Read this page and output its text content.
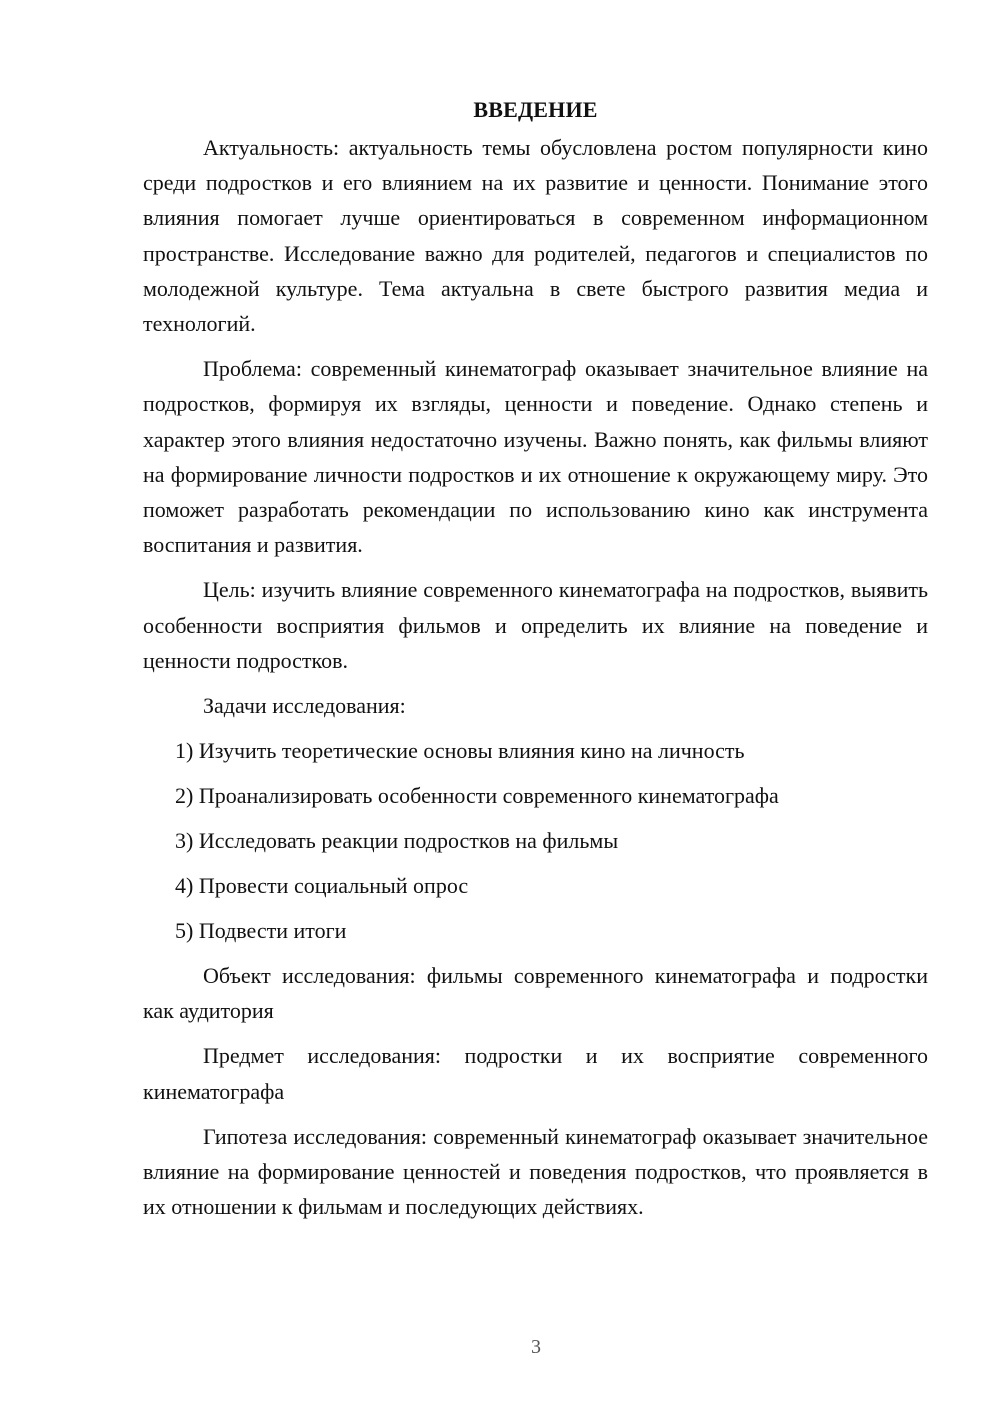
ВВЕДЕНИЕ

Актуальность: актуальность темы обусловлена ростом популярности кино среди подростков и его влиянием на их развитие и ценности. Понимание этого влияния помогает лучше ориентироваться в современном информационном пространстве. Исследование важно для родителей, педагогов и специалистов по молодежной культуре. Тема актуальна в свете быстрого развития медиа и технологий.

Проблема: современный кинематограф оказывает значительное влияние на подростков, формируя их взгляды, ценности и поведение. Однако степень и характер этого влияния недостаточно изучены. Важно понять, как фильмы влияют на формирование личности подростков и их отношение к окружающему миру. Это поможет разработать рекомендации по использованию кино как инструмента воспитания и развития.

Цель: изучить влияние современного кинематографа на подростков, выявить особенности восприятия фильмов и определить их влияние на поведение и ценности подростков.

Задачи исследования:

1) Изучить теоретические основы влияния кино на личность
2) Проанализировать особенности современного кинематографа
3) Исследовать реакции подростков на фильмы
4) Провести социальный опрос
5) Подвести итоги

Объект исследования: фильмы современного кинематографа и подростки как аудитория

Предмет исследования: подростки и их восприятие современного кинематографа

Гипотеза исследования: современный кинематограф оказывает значительное влияние на формирование ценностей и поведения подростков, что проявляется в их отношении к фильмам и последующих действиях.

3
